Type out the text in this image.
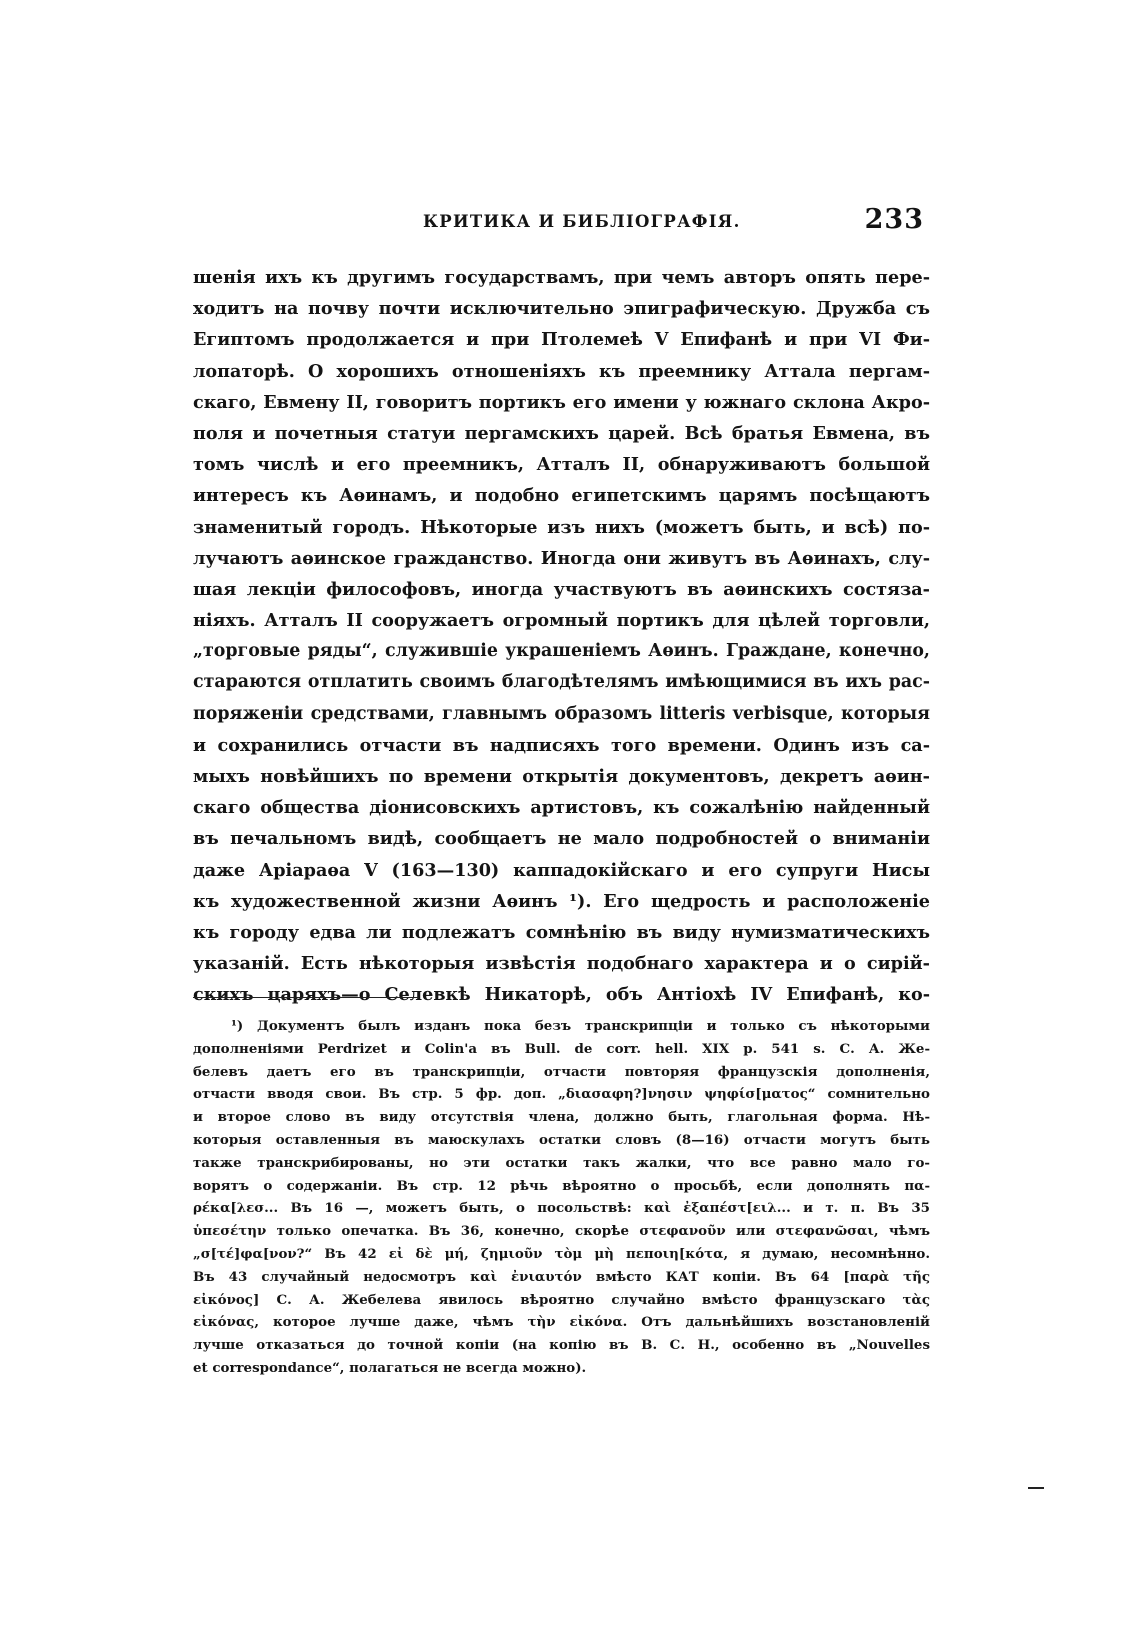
КРИТИКА И БИБЛІОГРАФІЯ.	233
шенія ихъ къ другимъ государствамъ, при чемъ авторъ опять пере-
ходитъ на почву почти исключительно эпиграфическую. Дружба съ
Египтомъ продолжается и при Птолемеѣ V Епифанѣ и при VI Фи-
лопаторѣ. О хорошихъ отношеніяхъ къ преемнику Аттала пергам-
скаго, Евмену II, говоритъ портикъ его имени у южнаго склона Акро-
поля и почетныя статуи пергамскихъ царей. Всѣ братья Евмена, въ
томъ числѣ и его преемникъ, Атталъ II, обнаруживаютъ большой
интересъ къ Аѳинамъ, и подобно египетскимъ царямъ посѣщаютъ
знаменитый городъ. Нѣкоторые изъ нихъ (можетъ быть, и всѣ) по-
лучаютъ аѳинское гражданство. Иногда они живутъ въ Аѳинахъ, слу-
шая лекціи философовъ, иногда участвуютъ въ аѳинскихъ состяза-
ніяхъ. Атталъ II сооружаетъ огромный портикъ для цѣлей торговли,
„торговые ряды“, служившіе украшеніемъ Аѳинъ. Граждане, конечно,
стараются отплатить своимъ благодѣтелямъ имѣющимися въ ихъ рас-
поряженіи средствами, главнымъ образомъ litteris verbisque, которыя
и сохранились отчасти въ надписяхъ того времени. Одинъ изъ са-
мыхъ новѣйшихъ по времени открытія документовъ, декретъ аѳин-
скаго общества діонисовскихъ артистовъ, къ сожалѣнію найденный
въ печальномъ видѣ, сообщаетъ не мало подробностей о вниманіи
даже Аріараѳа V (163—130) каппадокійскаго и его супруги Нисы
къ художественной жизни Аѳинъ ¹). Его щедрость и расположеніе
къ городу едва ли подлежатъ сомнѣнію въ виду нумизматическихъ
указаній. Есть нѣкоторыя извѣстія подобнаго характера и о сирій-
скихъ царяхъ—о Селевкѣ Никаторѣ, объ Антіохѣ IV Епифанѣ, ко-
¹) Документъ былъ изданъ пока безъ транскрипціи и только съ нѣкоторыми
дополненіями Perdrizet и Colin'a въ Bull. de corr. hell. XIX p. 541 s. С. А. Же-
белевъ даетъ его въ транскрипціи, отчасти повторяя французскія дополненія,
отчасти вводя свои. Въ стр. 5 фр. доп. „διασαφη?]νησιν ψηφίσ[ματος“ сомнительно
и второе слово въ виду отсутствія члена, должно быть, глагольная форма. Нѣ-
которыя оставленныя въ маюскулахъ остатки словъ (8—16) отчасти могутъ быть
также транскрибированы, но эти остатки такъ жалки, что все равно мало го-
ворятъ о содержаніи. Въ стр. 12 рѣчь вѣроятно о просьбѣ, если дополнять πα-
ρέκα[λεσ... Въ 16 —, можетъ быть, о посольствѣ: καὶ ἐξαπέστ[ειλ... и т. п. Въ 35
ὑπεσέτην только опечатка. Въ 36, конечно, скорѣе στεφανοῦν или στεφανῶσαι, чѣмъ
„σ[τέ]φα[νον?“ Въ 42 εἰ δὲ μή, ζημιοῦν τὸμ μὴ πεποιη[κότα, я думаю, несомнѣнно.
Въ 43 случайный недосмотръ καὶ ἐνιαυτόν вмѣсто КАТ копіи. Въ 64 [παρὰ τῆς
εἰκόνος] С. А. Жебелева явилось вѣроятно случайно вмѣсто французскаго τὰς
εἰκόνας, которое лучше даже, чѣмъ τὴν εἰκόνα. Отъ дальнѣйшихъ возстановленій
лучше отказаться до точной копіи (на копію въ В. С. Н., особенно въ „Nouvelles
et correspondance“, полагаться не всегда можно).
